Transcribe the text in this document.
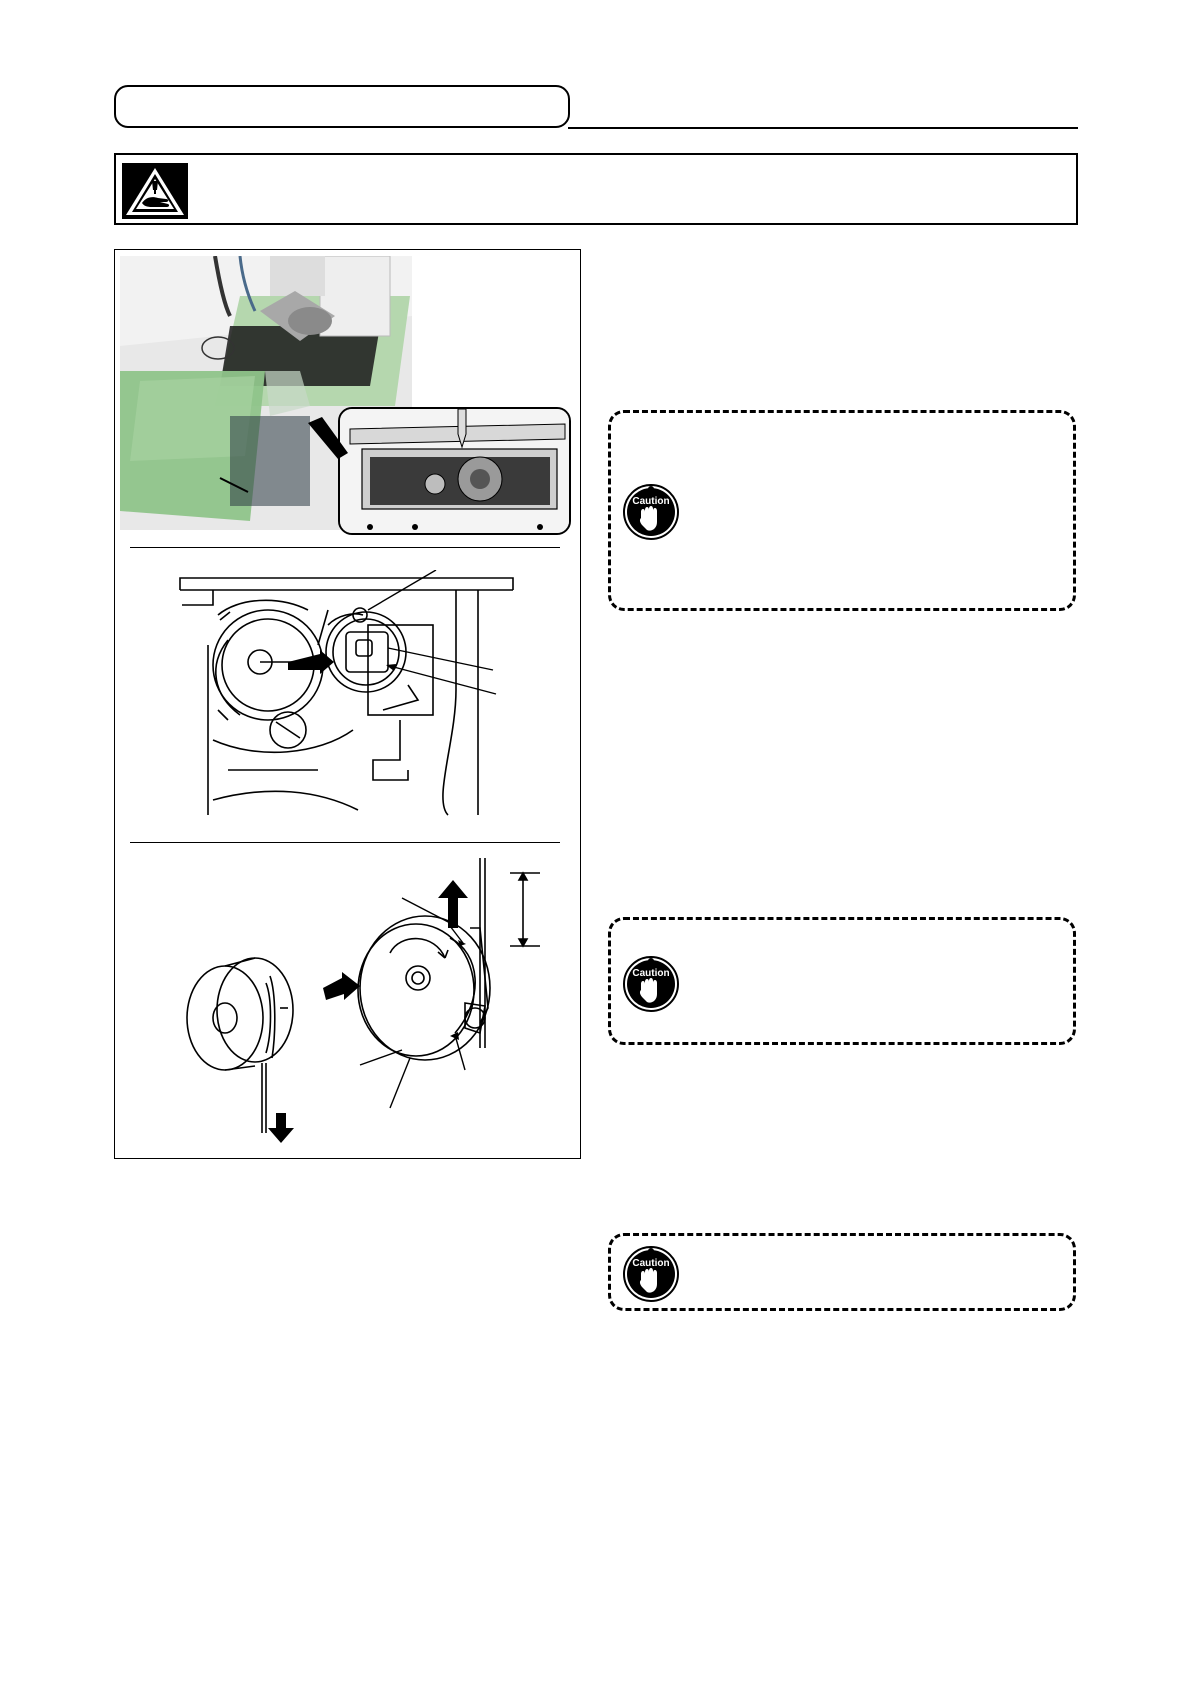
Caution
Caution
Caution
